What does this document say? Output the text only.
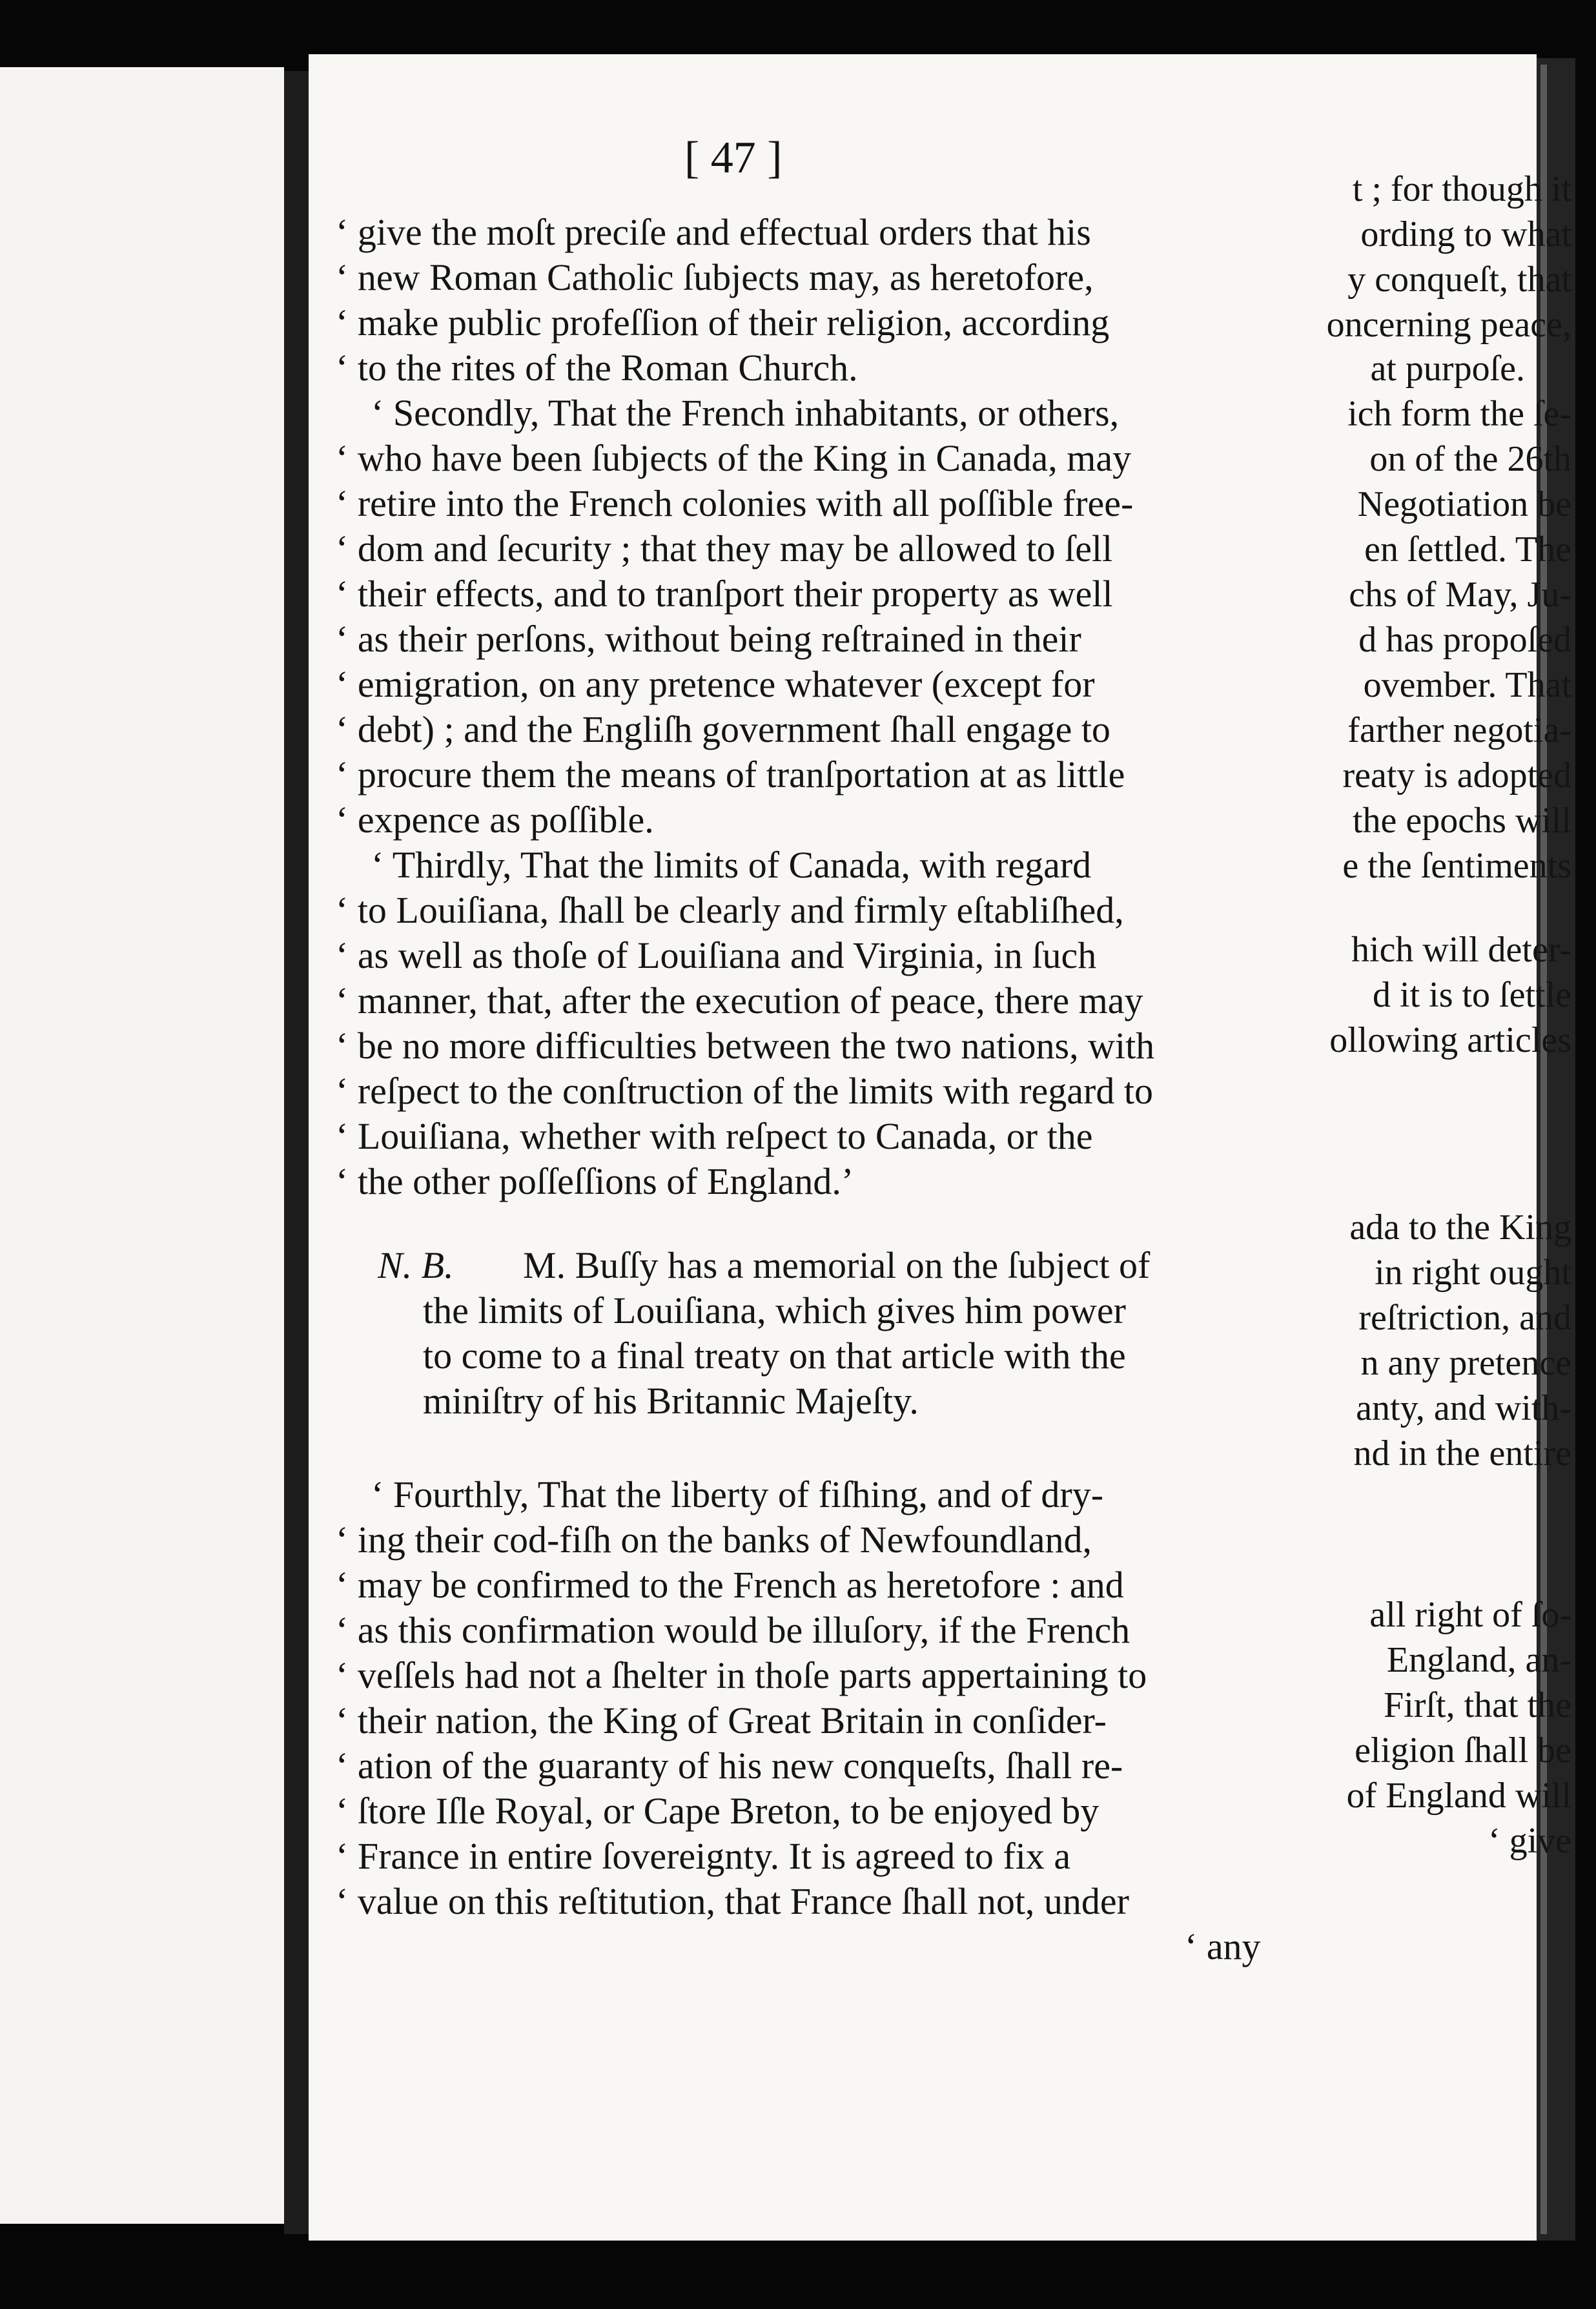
t ; for though it

ording to what

y conqueſt, that

oncerning peace,

at purpoſe.

ich form the ſe-

on of the 26th

Negotiation be

en ſettled. The

chs of May, Ju-

d has propoſed

ovember. That

farther negotia-

reaty is adopted

the epochs will

e the ſentiments

hich will deter-

d it is to ſettle

ollowing articles

ada to the King

in right ought

reſtriction, and

n any pretence

anty, and with-

nd in the entire

all right of ſo-

England, an-

Firſt, that the

eligion ſhall be

of England will

‘ give

[ 47 ]

‘ give the moſt preciſe and effectual orders that his

‘ new Roman Catholic ſubjects may, as heretofore,

‘ make public profeſſion of their religion, according

‘ to the rites of the Roman Church.

‘ Secondly, That the French inhabitants, or others,

‘ who have been ſubjects of the King in Canada, may

‘ retire into the French colonies with all poſſible free-

‘ dom and ſecurity ; that they may be allowed to ſell

‘ their effects, and to tranſport their property as well

‘ as their perſons, without being reſtrained in their

‘ emigration, on any pretence whatever (except for

‘ debt) ; and the Engliſh government ſhall engage to

‘ procure them the means of tranſportation at as little

‘ expence as poſſible.

‘ Thirdly, That the limits of Canada, with regard

‘ to Louiſiana, ſhall be clearly and firmly eſtabliſhed,

‘ as well as thoſe of Louiſiana and Virginia, in ſuch

‘ manner, that, after the execution of peace, there may

‘ be no more difficulties between the two nations, with

‘ reſpect to the conſtruction of the limits with regard to

‘ Louiſiana, whether with reſpect to Canada, or the

‘ the other poſſeſſions of England.’

N. B. M. Buſſy has a memorial on the ſubject of

the limits of Louiſiana, which gives him power

to come to a final treaty on that article with the

miniſtry of his Britannic Majeſty.

‘ Fourthly, That the liberty of fiſhing, and of dry-

‘ ing their cod-fiſh on the banks of Newfoundland,

‘ may be confirmed to the French as heretofore : and

‘ as this confirmation would be illuſory, if the French

‘ veſſels had not a ſhelter in thoſe parts appertaining to

‘ their nation, the King of Great Britain in conſider-

‘ ation of the guaranty of his new conqueſts, ſhall re-

‘ ſtore Iſle Royal, or Cape Breton, to be enjoyed by

‘ France in entire ſovereignty. It is agreed to fix a

‘ value on this reſtitution, that France ſhall not, under

‘ any
